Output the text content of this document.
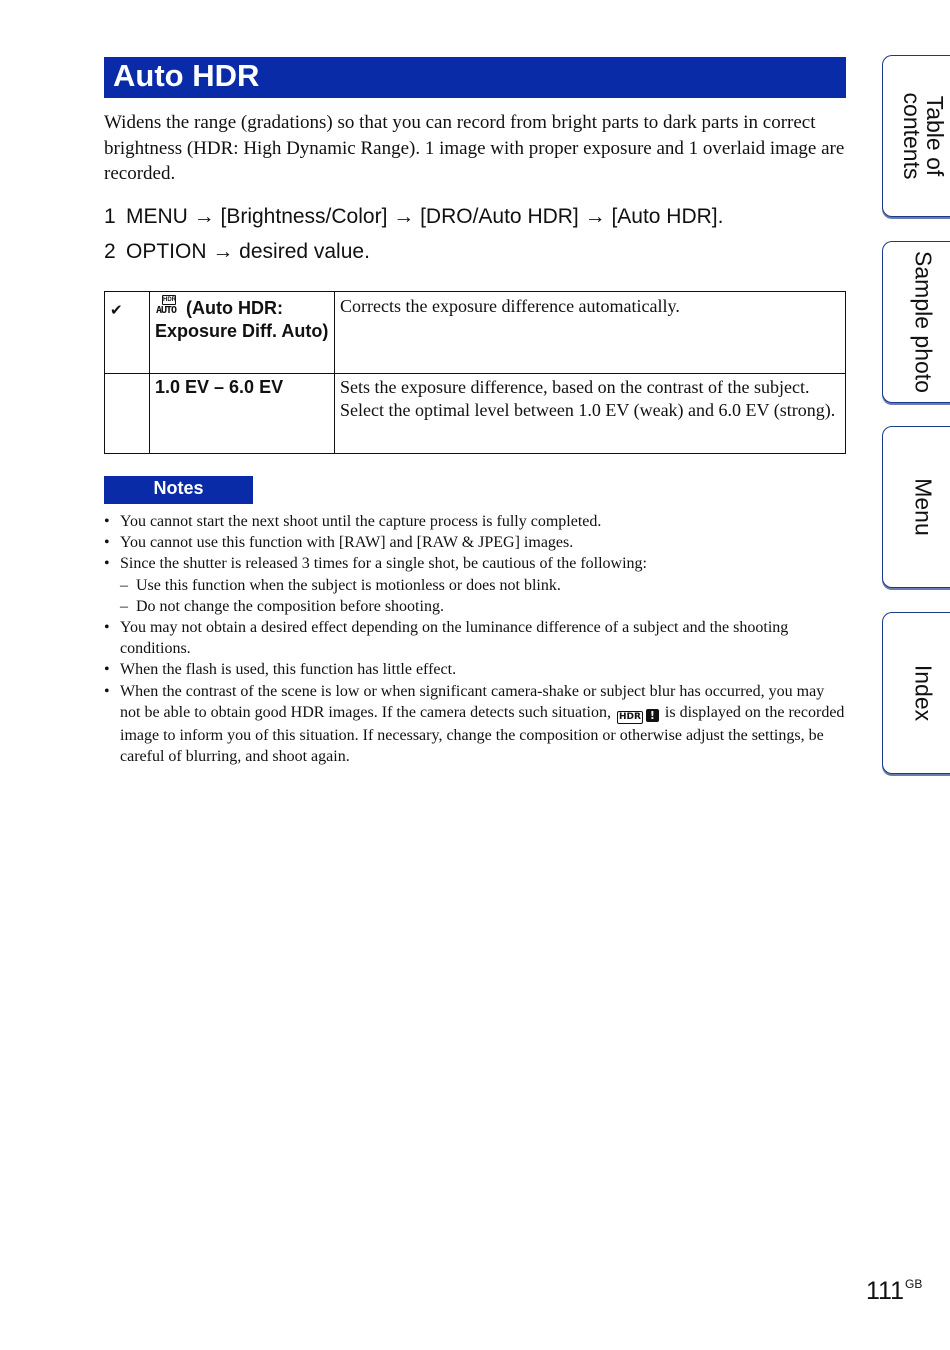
Auto HDR

Widens the range (gradations) so that you can record from bright parts to dark parts in correct brightness (HDR: High Dynamic Range). 1 image with proper exposure and 1 overlaid image are recorded.

1 MENU → [Brightness/Color] → [DRO/Auto HDR] → [Auto HDR].
2 OPTION → desired value.
✔
HDR
AUTO (Auto HDR: Exposure Diff. Auto)
Corrects the exposure difference automatically.
1.0 EV – 6.0 EV	Sets the exposure difference, based on the contrast of the subject. Select the optimal level between 1.0 EV (weak) and 6.0 EV (strong).
Notes
• You cannot start the next shoot until the capture process is fully completed.
• You cannot use this function with [RAW] and [RAW & JPEG] images.
• Since the shutter is released 3 times for a single shot, be cautious of the following:
– Use this function when the subject is motionless or does not blink.
– Do not change the composition before shooting.
• You may not obtain a desired effect depending on the luminance difference of a subject and the shooting conditions.
• When the flash is used, this function has little effect.
• When the contrast of the scene is low or when significant camera-shake or subject blur has occurred, you may not be able to obtain good HDR images. If the camera detects such situation, HDR ! is displayed on the recorded image to inform you of this situation. If necessary, change the composition or otherwise adjust the settings, be careful of blurring, and shoot again.
Table of
contents
Sample photo
Menu
Index
$111^{GB}$
